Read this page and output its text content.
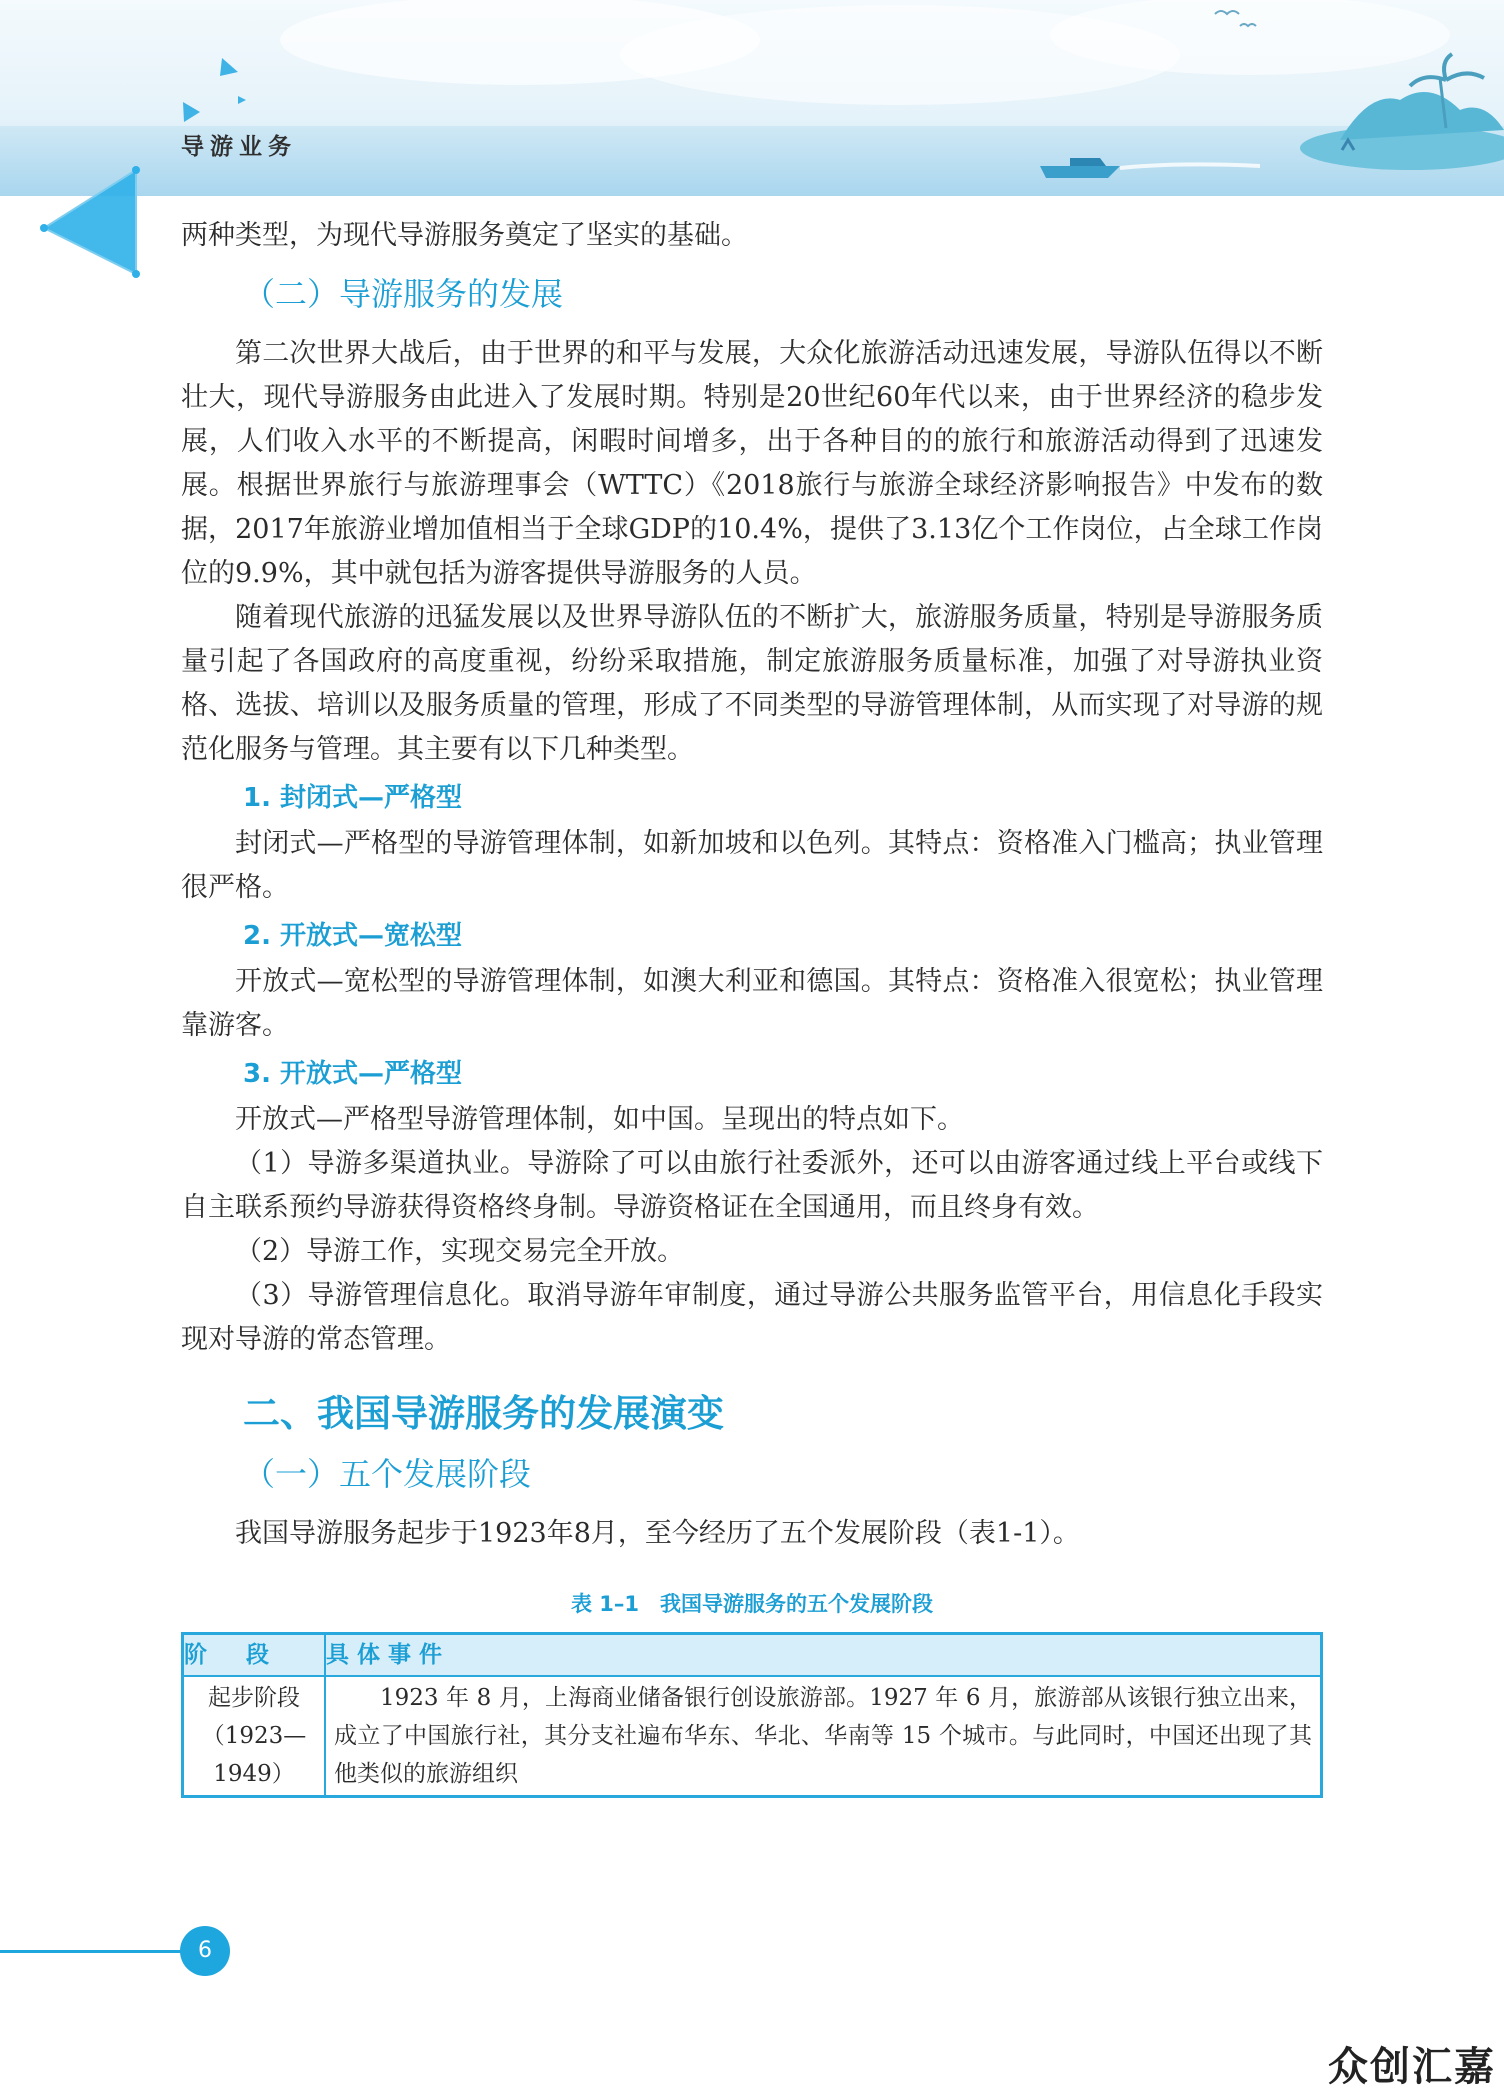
导游业务

两种类型，为现代导游服务奠定了坚实的基础。

（二）导游服务的发展

第二次世界大战后，由于世界的和平与发展，大众化旅游活动迅速发展，导游队伍得以不断壮大，现代导游服务由此进入了发展时期。特别是20世纪60年代以来，由于世界经济的稳步发展，人们收入水平的不断提高，闲暇时间增多，出于各种目的的旅行和旅游活动得到了迅速发展。根据世界旅行与旅游理事会（WTTC）《2018旅行与旅游全球经济影响报告》中发布的数据，2017年旅游业增加值相当于全球GDP的10.4%，提供了3.13亿个工作岗位，占全球工作岗位的9.9%，其中就包括为游客提供导游服务的人员。

随着现代旅游的迅猛发展以及世界导游队伍的不断扩大，旅游服务质量，特别是导游服务质量引起了各国政府的高度重视，纷纷采取措施，制定旅游服务质量标准，加强了对导游执业资格、选拔、培训以及服务质量的管理，形成了不同类型的导游管理体制，从而实现了对导游的规范化服务与管理。其主要有以下几种类型。

1. 封闭式—严格型

封闭式—严格型的导游管理体制，如新加坡和以色列。其特点：资格准入门槛高；执业管理很严格。

2. 开放式—宽松型

开放式—宽松型的导游管理体制，如澳大利亚和德国。其特点：资格准入很宽松；执业管理靠游客。

3. 开放式—严格型

开放式—严格型导游管理体制，如中国。呈现出的特点如下。

（1）导游多渠道执业。导游除了可以由旅行社委派外，还可以由游客通过线上平台或线下自主联系预约导游获得资格终身制。导游资格证在全国通用，而且终身有效。

（2）导游工作，实现交易完全开放。

（3）导游管理信息化。取消导游年审制度，通过导游公共服务监管平台，用信息化手段实现对导游的常态管理。

二、我国导游服务的发展演变
（一）五个发展阶段

我国导游服务起步于1923年8月，至今经历了五个发展阶段（表1-1）。

表 1–1　我国导游服务的五个发展阶段
阶　段	具体事件
起步阶段（1923—1949）	1923 年 8 月，上海商业储备银行创设旅游部。1927 年 6 月，旅游部从该银行独立出来，成立了中国旅行社，其分支社遍布华东、华北、华南等 15 个城市。与此同时，中国还出现了其他类似的旅游组织
6
众创汇嘉
